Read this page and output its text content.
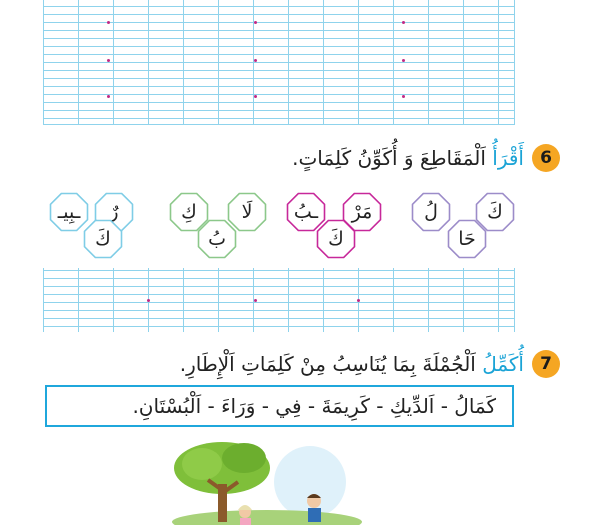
6
أَقْرَأُ اَلْمَقَاطِعَ وَ أُكَوِّنُ كَلِمَاتٍ.
كَ
لُ
حَا
مَرْ
ـبُ
كَ
لَا
كِ
بُ
رٌ
ـبِيـ
كَ
7
أُكَمِّلُ اَلْجُمْلَةَ بِمَا يُنَاسِبُ مِنْ كَلِمَاتِ اَلْإِطَارِ.
كَمَالُ - اَلدِّيكِ - كَرِيمَةَ - فِي - وَرَاءَ - اَلْبُسْتَانِ.
